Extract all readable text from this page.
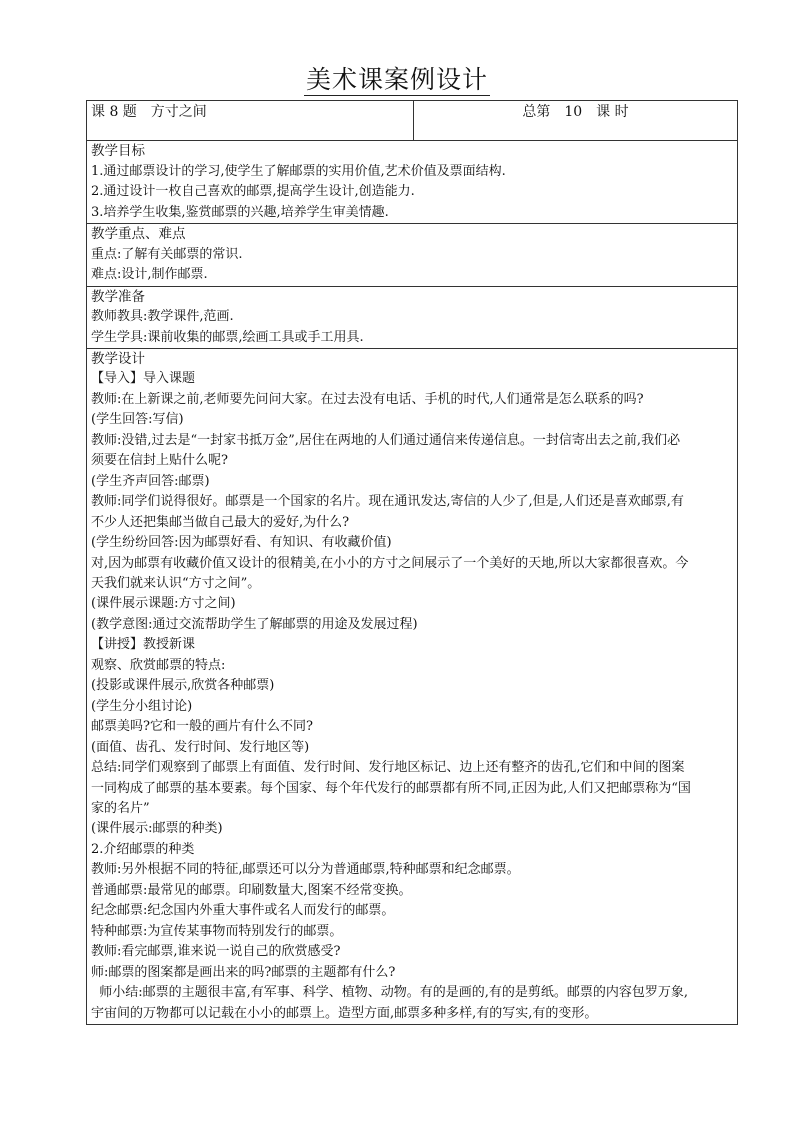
美术课案例设计
课 8 题　方寸之间	总第　10　课 时

教学目标

1.通过邮票设计的学习,使学生了解邮票的实用价值,艺术价值及票面结构.

2.通过设计一枚自己喜欢的邮票,提高学生设计,创造能力.

3.培养学生收集,鉴赏邮票的兴趣,培养学生审美情趣.

教学重点、难点

重点:了解有关邮票的常识.

难点:设计,制作邮票.

教学准备

教师教具:教学课件,范画.

学生学具:课前收集的邮票,绘画工具或手工用具.

教学设计

【导入】导入课题

教师:在上新课之前,老师要先问问大家。在过去没有电话、手机的时代,人们通常是怎么联系的吗?

(学生回答:写信)

教师:没错,过去是“一封家书抵万金”,居住在两地的人们通过通信来传递信息。一封信寄出去之前,我们必

须要在信封上贴什么呢?

(学生齐声回答:邮票)

教师:同学们说得很好。邮票是一个国家的名片。现在通讯发达,寄信的人少了,但是,人们还是喜欢邮票,有

不少人还把集邮当做自己最大的爱好,为什么?

(学生纷纷回答:因为邮票好看、有知识、有收藏价值)

对,因为邮票有收藏价值又设计的很精美,在小小的方寸之间展示了一个美好的天地,所以大家都很喜欢。今

天我们就来认识“方寸之间”。

(课件展示课题:方寸之间)

(教学意图:通过交流帮助学生了解邮票的用途及发展过程)

【讲授】教授新课

观察、欣赏邮票的特点:

(投影或课件展示,欣赏各种邮票)

(学生分小组讨论)

邮票美吗?它和一般的画片有什么不同?

(面值、齿孔、发行时间、发行地区等)

总结:同学们观察到了邮票上有面值、发行时间、发行地区标记、边上还有整齐的齿孔,它们和中间的图案

一同构成了邮票的基本要素。每个国家、每个年代发行的邮票都有所不同,正因为此,人们又把邮票称为“国

家的名片”

(课件展示:邮票的种类)

2.介绍邮票的种类

教师:另外根据不同的特征,邮票还可以分为普通邮票,特种邮票和纪念邮票。

普通邮票:最常见的邮票。印刷数量大,图案不经常变换。

纪念邮票:纪念国内外重大事件或名人而发行的邮票。

特种邮票:为宣传某事物而特别发行的邮票。

教师:看完邮票,谁来说一说自己的欣赏感受?

师:邮票的图案都是画出来的吗?邮票的主题都有什么?

师小结:邮票的主题很丰富,有军事、科学、植物、动物。有的是画的,有的是剪纸。邮票的内容包罗万象,

宇宙间的万物都可以记载在小小的邮票上。造型方面,邮票多种多样,有的写实,有的变形。
